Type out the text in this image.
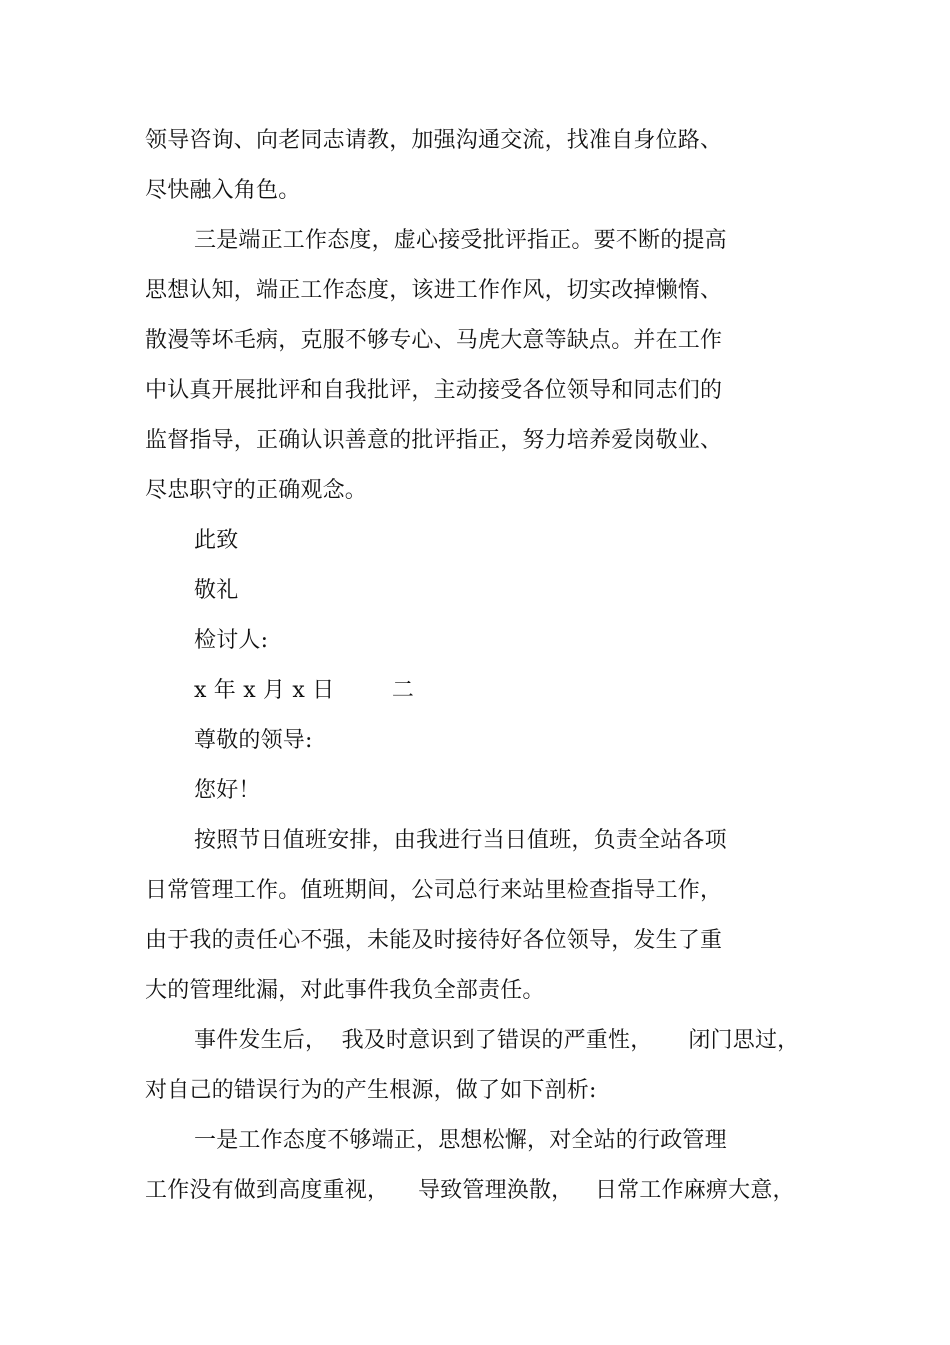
领导咨询、向老同志请教，加强沟通交流，找准自身位路、
尽快融入角色。
三是端正工作态度，虚心接受批评指正。要不断的提高
思想认知，端正工作态度，该进工作作风，切实改掉懒惰、
散漫等坏毛病，克服不够专心、马虎大意等缺点。并在工作
中认真开展批评和自我批评，主动接受各位领导和同志们的
监督指导，正确认识善意的批评指正，努力培养爱岗敬业、
尽忠职守的正确观念。
此致
敬礼
检讨人:
x 年 x 月 x 日        二
尊敬的领导:
您好！
按照节日值班安排，由我进行当日值班，负责全站各项
日常管理工作。值班期间，公司总行来站里检查指导工作，
由于我的责任心不强，未能及时接待好各位领导，发生了重
大的管理纰漏，对此事件我负全部责任。
事件发生后，  我及时意识到了错误的严重性，     闭门思过，
对自己的错误行为的产生根源，做了如下剖析:
一是工作态度不够端正，思想松懈，对全站的行政管理
工作没有做到高度重视，    导致管理涣散，   日常工作麻痹大意，
